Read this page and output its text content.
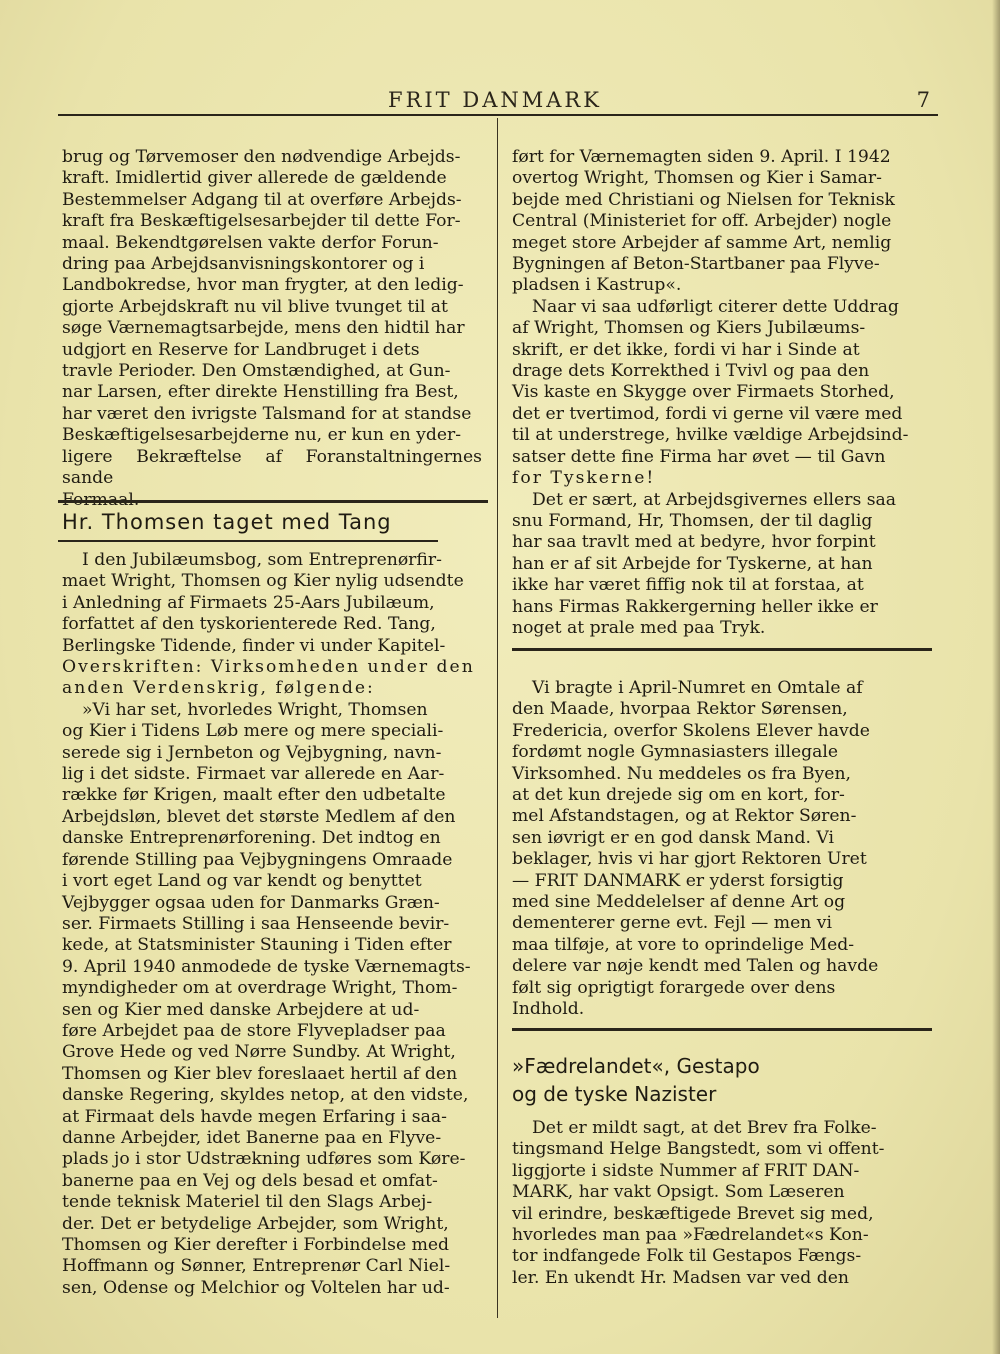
FRIT DANMARK	7
brug og Tørvemoser den nødvendige Arbejds-
kraft. Imidlertid giver allerede de gældende
Bestemmelser Adgang til at overføre Arbejds-
kraft fra Beskæftigelsesarbejder til dette For-
maal. Bekendtgørelsen vakte derfor Forun-
dring paa Arbejdsanvisningskontorer og i
Landbokredse, hvor man frygter, at den ledig-
gjorte Arbejdskraft nu vil blive tvunget til at
søge Værnemagtsarbejde, mens den hidtil har
udgjort en Reserve for Landbruget i dets
travle Perioder. Den Omstændighed, at Gun-
nar Larsen, efter direkte Henstilling fra Best,
har været den ivrigste Talsmand for at standse
Beskæftigelsesarbejderne nu, er kun en yder-
ligere Bekræftelse af Foranstaltningernes sande
Hr. Thomsen taget med Tang
I den Jubilæumsbog, som Entreprenørfir-
maet Wright, Thomsen og Kier nylig udsendte
i Anledning af Firmaets 25-Aars Jubilæum,
forfattet af den tyskorienterede Red. Tang,
Berlingske Tidende, finder vi under Kapitel-
Overskriften: Virksomheden under den
anden Verdenskrig, følgende:
»Vi har set, hvorledes Wright, Thomsen
og Kier i Tidens Løb mere og mere speciali-
serede sig i Jernbeton og Vejbygning, navn-
lig i det sidste. Firmaet var allerede en Aar-
række før Krigen, maalt efter den udbetalte
Arbejdsløn, blevet det største Medlem af den
danske Entreprenørforening. Det indtog en
førende Stilling paa Vejbygningens Omraade
i vort eget Land og var kendt og benyttet
Vejbygger ogsaa uden for Danmarks Græn-
ser. Firmaets Stilling i saa Henseende bevir-
kede, at Statsminister Stauning i Tiden efter
9. April 1940 anmodede de tyske Værnemagts-
myndigheder om at overdrage Wright, Thom-
sen og Kier med danske Arbejdere at ud-
føre Arbejdet paa de store Flyvepladser paa
Grove Hede og ved Nørre Sundby. At Wright,
Thomsen og Kier blev foreslaaet hertil af den
danske Regering, skyldes netop, at den vidste,
at Firmaat dels havde megen Erfaring i saa-
danne Arbejder, idet Banerne paa en Flyve-
plads jo i stor Udstrækning udføres som Køre-
banerne paa en Vej og dels besad et omfat-
tende teknisk Materiel til den Slags Arbej-
der. Det er betydelige Arbejder, som Wright,
Thomsen og Kier derefter i Forbindelse med
Hoffmann og Sønner, Entreprenør Carl Niel-
sen, Odense og Melchior og Voltelen har ud-
ført for Værnemagten siden 9. April. I 1942
overtog Wright, Thomsen og Kier i Samar-
bejde med Christiani og Nielsen for Teknisk
Central (Ministeriet for off. Arbejder) nogle
meget store Arbejder af samme Art, nemlig
Bygningen af Beton-Startbaner paa Flyve-
pladsen i Kastrup«.
Naar vi saa udførligt citerer dette Uddrag
af Wright, Thomsen og Kiers Jubilæums-
skrift, er det ikke, fordi vi har i Sinde at
drage dets Korrekthed i Tvivl og paa den
Vis kaste en Skygge over Firmaets Storhed,
det er tvertimod, fordi vi gerne vil være med
til at understrege, hvilke vældige Arbejdsind-
satser dette fine Firma har øvet — til Gavn
for Tyskerne!
Det er sært, at Arbejdsgivernes ellers saa
snu Formand, Hr, Thomsen, der til daglig
har saa travlt med at bedyre, hvor forpint
han er af sit Arbejde for Tyskerne, at han
ikke har været fiffig nok til at forstaa, at
hans Firmas Rakkergerning heller ikke er
noget at prale med paa Tryk.
Vi bragte i April-Numret en Omtale af
den Maade, hvorpaa Rektor Sørensen,
Fredericia, overfor Skolens Elever havde
fordømt nogle Gymnasiasters illegale
Virksomhed. Nu meddeles os fra Byen,
at det kun drejede sig om en kort, for-
mel Afstandstagen, og at Rektor Søren-
sen iøvrigt er en god dansk Mand. Vi
beklager, hvis vi har gjort Rektoren Uret
— FRIT DANMARK er yderst forsigtig
med sine Meddelelser af denne Art og
dementerer gerne evt. Fejl — men vi
maa tilføje, at vore to oprindelige Med-
delere var nøje kendt med Talen og havde
følt sig oprigtigt forargede over dens
Indhold.
»Fædrelandet«, Gestapo
og de tyske Nazister
Det er mildt sagt, at det Brev fra Folke-
tingsmand Helge Bangstedt, som vi offent-
liggjorte i sidste Nummer af FRIT DAN-
MARK, har vakt Opsigt. Som Læseren
vil erindre, beskæftigede Brevet sig med,
hvorledes man paa »Fædrelandet«s Kon-
tor indfangede Folk til Gestapos Fængs-
ler. En ukendt Hr. Madsen var ved den
